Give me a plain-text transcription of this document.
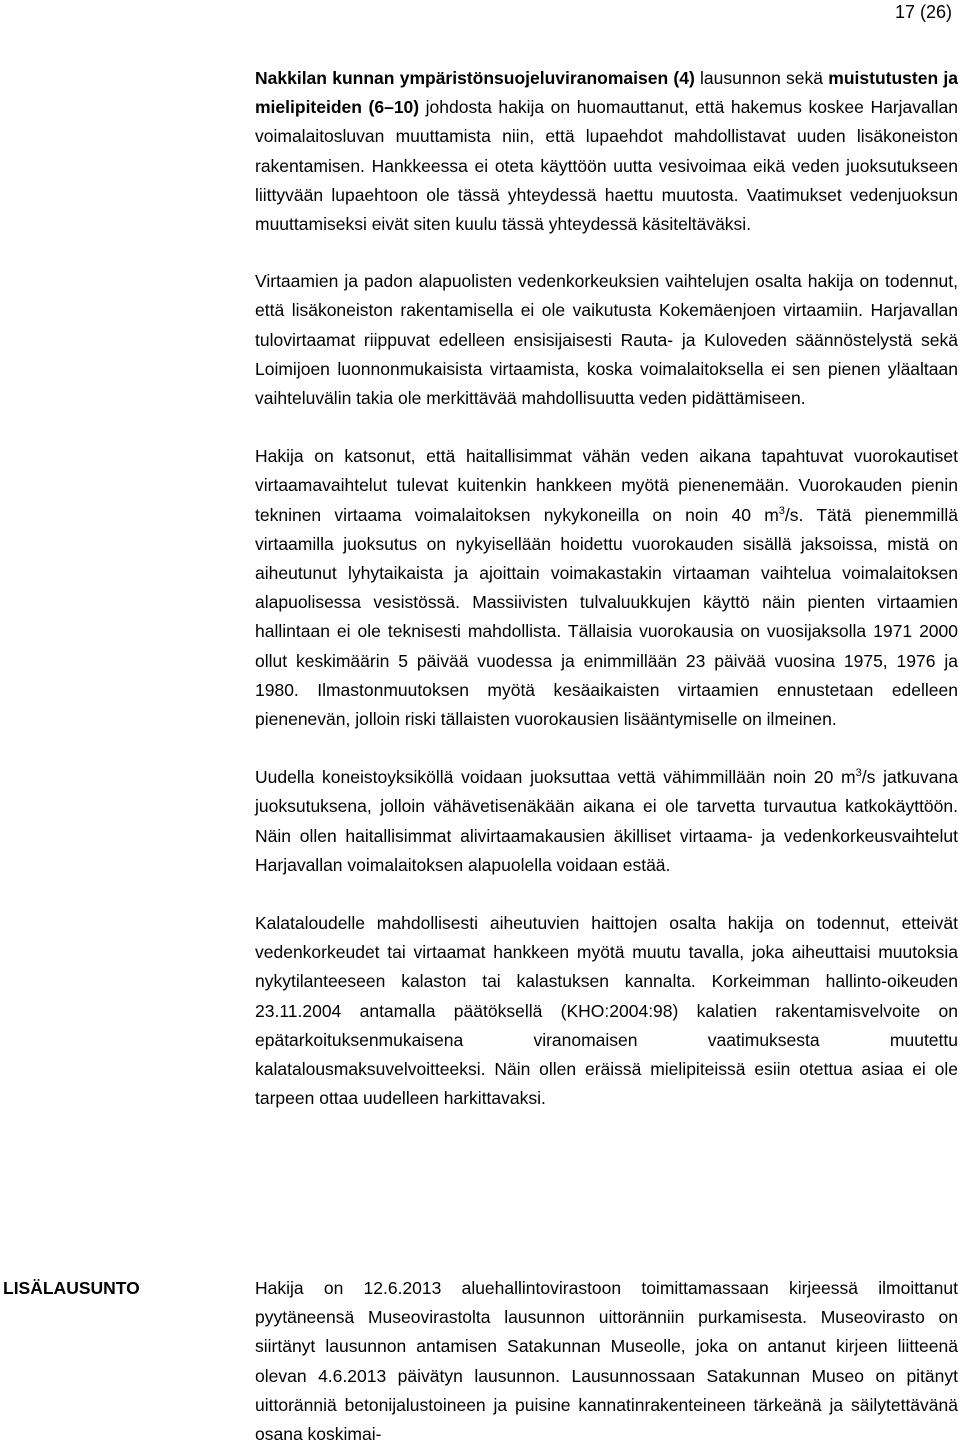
17 (26)

Nakkilan kunnan ympäristönsuojeluviranomaisen (4) lausunnon sekä muistutusten ja mielipiteiden (6–10) johdosta hakija on huomauttanut, että hakemus koskee Harjavallan voimalaitosluvan muuttamista niin, että lupaehdot mahdollistavat uuden lisäkoneiston rakentamisen. Hankkeessa ei oteta käyttöön uutta vesivoimaa eikä veden juoksutukseen liittyvään lupaehtoon ole tässä yhteydessä haettu muutosta. Vaatimukset vedenjuoksun muuttamiseksi eivät siten kuulu tässä yhteydessä käsiteltäväksi.

Virtaamien ja padon alapuolisten vedenkorkeuksien vaihtelujen osalta hakija on todennut, että lisäkoneiston rakentamisella ei ole vaikutusta Kokemäenjoen virtaamiin. Harjavallan tulovirtaamat riippuvat edelleen ensisijaisesti Rauta- ja Kuloveden säännöstelystä sekä Loimijoen luonnonmukaisista virtaamista, koska voimalaitoksella ei sen pienen yläaltaan vaihteluvälin takia ole merkittävää mahdollisuutta veden pidättämiseen.

Hakija on katsonut, että haitallisimmat vähän veden aikana tapahtuvat vuorokautiset virtaamavaihtelut tulevat kuitenkin hankkeen myötä pienenemään. Vuorokauden pienin tekninen virtaama voimalaitoksen nykykoneilla on noin 40 $m^3/s$. Tätä pienemmillä virtaamilla juoksutus on nykyisellään hoidettu vuorokauden sisällä jaksoissa, mistä on aiheutunut lyhytaikaista ja ajoittain voimakastakin virtaaman vaihtelua voimalaitoksen alapuolisessa vesistössä. Massiivisten tulvaluukkujen käyttö näin pienten virtaamien hallintaan ei ole teknisesti mahdollista. Tällaisia vuorokausia on vuosijaksolla 1971 2000 ollut keskimäärin 5 päivää vuodessa ja enimmillään 23 päivää vuosina 1975, 1976 ja 1980. Ilmastonmuutoksen myötä kesäaikaisten virtaamien ennustetaan edelleen pienenevän, jolloin riski tällaisten vuorokausien lisääntymiselle on ilmeinen.

Uudella koneistoyksiköllä voidaan juoksuttaa vettä vähimmillään noin 20 $m^3/s$ jatkuvana juoksutuksena, jolloin vähävetisenäkään aikana ei ole tarvetta turvautua katkokäyttöön. Näin ollen haitallisimmat alivirtaamakausien äkilliset virtaama- ja vedenkorkeusvaihtelut Harjavallan voimalaitoksen alapuolella voidaan estää.

Kalataloudelle mahdollisesti aiheutuvien haittojen osalta hakija on todennut, etteivät vedenkorkeudet tai virtaamat hankkeen myötä muutu tavalla, joka aiheuttaisi muutoksia nykytilanteeseen kalaston tai kalastuksen kannalta. Korkeimman hallinto-oikeuden 23.11.2004 antamalla päätöksellä (KHO:2004:98) kalatien rakentamisvelvoite on epätarkoituksenmukaisena viranomaisen vaatimuksesta muutettu kalatalousmaksuvelvoitteeksi. Näin ollen eräissä mielipiteissä esiin otettua asiaa ei ole tarpeen ottaa uudelleen harkittavaksi.

LISÄLAUSUNTO	Hakija on 12.6.2013 aluehallintovirastoon toimittamassaan kirjeessä ilmoittanut pyytäneensä Museovirastolta lausunnon uittoränniin purkamisesta. Museovirasto on siirtänyt lausunnon antamisen Satakunnan Museolle, joka on antanut kirjeen liitteenä olevan 4.6.2013 päivätyn lausunnon. Lausunnossaan Satakunnan Museo on pitänyt uittoränniä betonijalustoineen ja puisine kannatinrakenteineen tärkeänä ja säilytettävänä osana koskimai-
